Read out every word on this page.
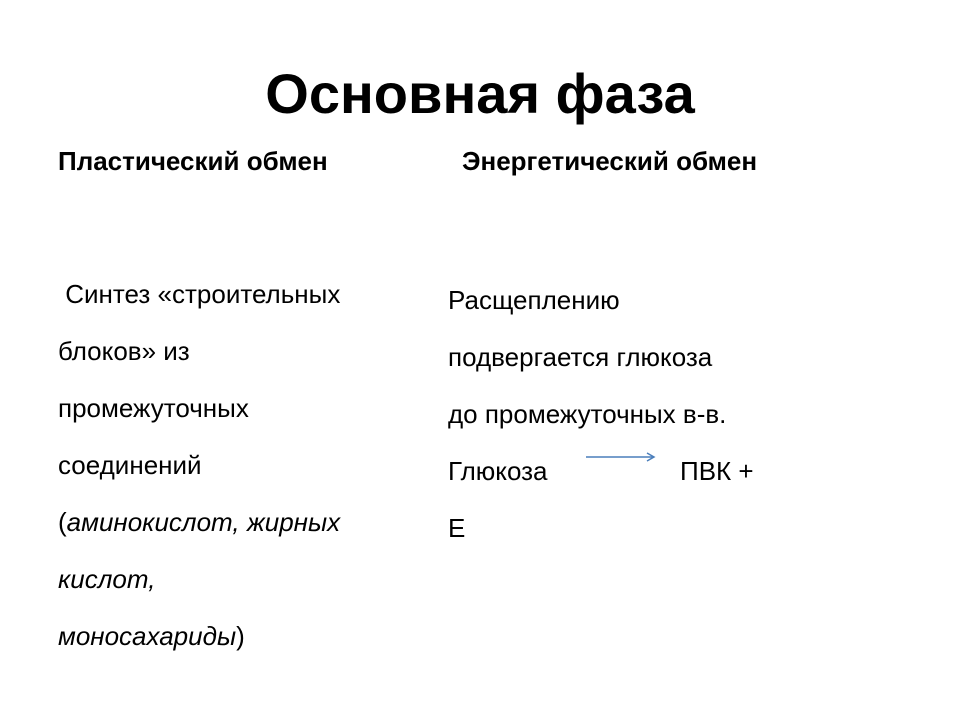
Основная фаза
Пластический обмен	Энергетический обмен
Синтез «строительных
блоков» из
промежуточных
соединений
(аминокислот, жирных
кислот,
моносахариды)
Расщеплению
подвергается глюкоза
до промежуточных в-в.
Глюкоза	ПВК +
Е
